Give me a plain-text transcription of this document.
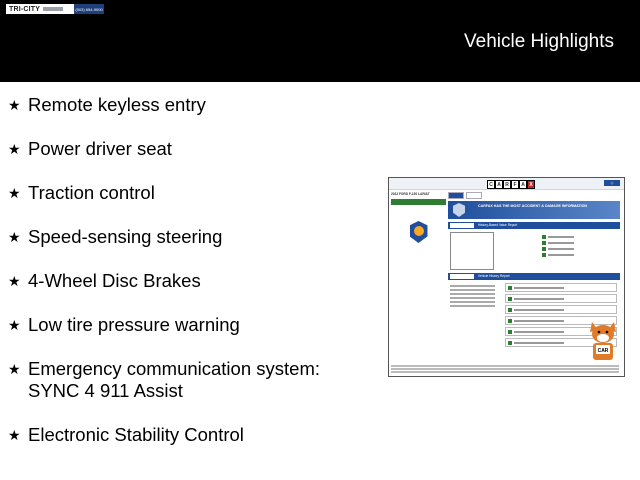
TRI-CITY	(503) 654-9000
Vehicle Highlights
★ Remote keyless entry
★ Power driver seat
★ Traction control
★ Speed-sensing steering
★ 4-Wheel Disc Brakes
★ Low tire pressure warning
★ Emergency communication system:
SYNC 4 911 Assist
★ Electronic Stability Control
C A R F A X	⎙
2022 FORD F-150 LARIAT
CARFAX HAS THE MOST ACCIDENT & DAMAGE INFORMATION
History-Based Value Report
Vehicle History Report
CAR
